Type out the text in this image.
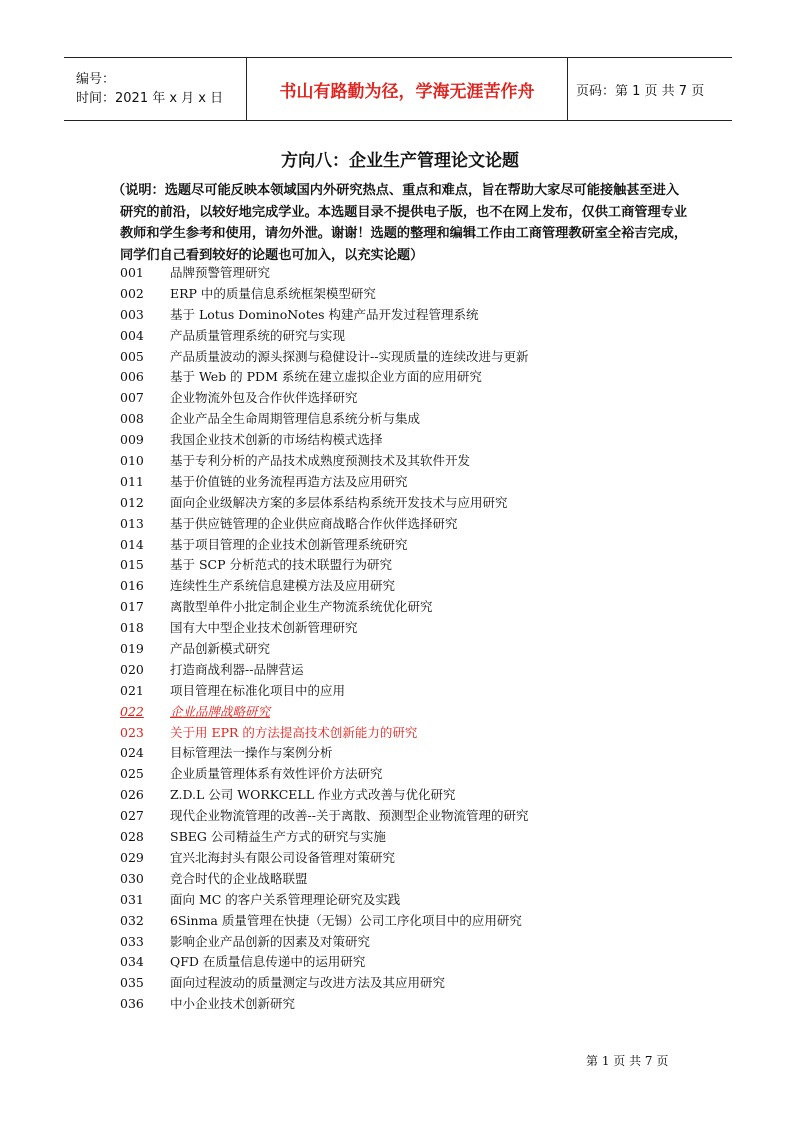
编号：
时间：2021 年 x 月 x 日	书山有路勤为径，学海无涯苦作舟	页码：第 1 页 共 7 页
方向八：企业生产管理论文论题
（说明：选题尽可能反映本领域国内外研究热点、重点和难点，旨在帮助大家尽可能接触甚至进入研究的前沿，以较好地完成学业。本选题目录不提供电子版，也不在网上发布，仅供工商管理专业教师和学生参考和使用，请勿外泄。谢谢！选题的整理和编辑工作由工商管理教研室全裕吉完成，同学们自己看到较好的论题也可加入，以充实论题）
001	品牌预警管理研究
002	ERP 中的质量信息系统框架模型研究
003	基于 Lotus DominoNotes 构建产品开发过程管理系统
004	产品质量管理系统的研究与实现
005	产品质量波动的源头探测与稳健设计--实现质量的连续改进与更新
006	基于 Web 的 PDM 系统在建立虚拟企业方面的应用研究
007	企业物流外包及合作伙伴选择研究
008	企业产品全生命周期管理信息系统分析与集成
009	我国企业技术创新的市场结构模式选择
010	基于专利分析的产品技术成熟度预测技术及其软件开发
011	基于价值链的业务流程再造方法及应用研究
012	面向企业级解决方案的多层体系结构系统开发技术与应用研究
013	基于供应链管理的企业供应商战略合作伙伴选择研究
014	基于项目管理的企业技术创新管理系统研究
015	基于 SCP 分析范式的技术联盟行为研究
016	连续性生产系统信息建模方法及应用研究
017	离散型单件小批定制企业生产物流系统优化研究
018	国有大中型企业技术创新管理研究
019	产品创新模式研究
020	打造商战利器--品牌营运
021	项目管理在标准化项目中的应用
022	企业品牌战略研究
023	关于用 EPR 的方法提高技术创新能力的研究
024	目标管理法一操作与案例分析
025	企业质量管理体系有效性评价方法研究
026	Z.D.L 公司 WORKCELL 作业方式改善与优化研究
027	现代企业物流管理的改善--关于离散、预测型企业物流管理的研究
028	SBEG 公司精益生产方式的研究与实施
029	宜兴北海封头有限公司设备管理对策研究
030	竞合时代的企业战略联盟
031	面向 MC 的客户关系管理理论研究及实践
032	6Sinma 质量管理在快捷（无锡）公司工序化项目中的应用研究
033	影响企业产品创新的因素及对策研究
034	QFD 在质量信息传递中的运用研究
035	面向过程波动的质量测定与改进方法及其应用研究
036	中小企业技术创新研究
第 1 页 共 7 页
